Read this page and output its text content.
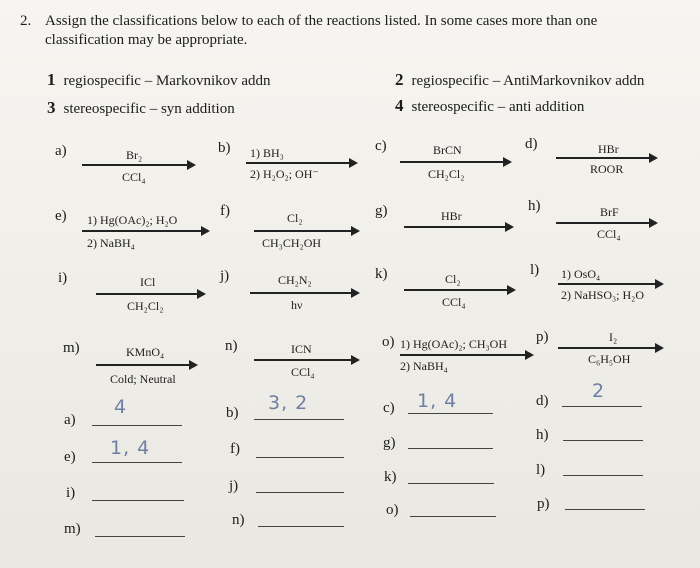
2. Assign the classifications below to each of the reactions listed. In some cases more than one
classification may be appropriate.
1 regiospecific – Markovnikov addn	2 regiospecific – AntiMarkovnikov addn
3 stereospecific – syn addition	4 stereospecific – anti addition
a)	Br₂
CCl₄
b) 1) BH₃
2) H₂O₂; OH⁻
c)	BrCN
CH₂Cl₂
d)	HBr
ROOR
e) 1) Hg(OAc)₂; H₂O
2) NaBH₄
f)	Cl₂
CH₃CH₂OH
g)	HBr
h)	BrF
CCl₄
i)	ICl
CH₂Cl₂
j)	CH₂N₂
hν
k)	Cl₂
CCl₄
l) 1) OsO₄
2) NaHSO₃; H₂O
m)	KMnO₄
Cold; Neutral
n)	ICN
CCl₄
o) 1) Hg(OAc)₂; CH₃OH
2) NaBH₄
p)	I₂
C₆H₅OH
a)
4
e) 1, 4
i)
m)
b) 3, 2
f)
j)
n)
c) 1, 4
g)
k)
o)
d) 2
h)
l)
p)
